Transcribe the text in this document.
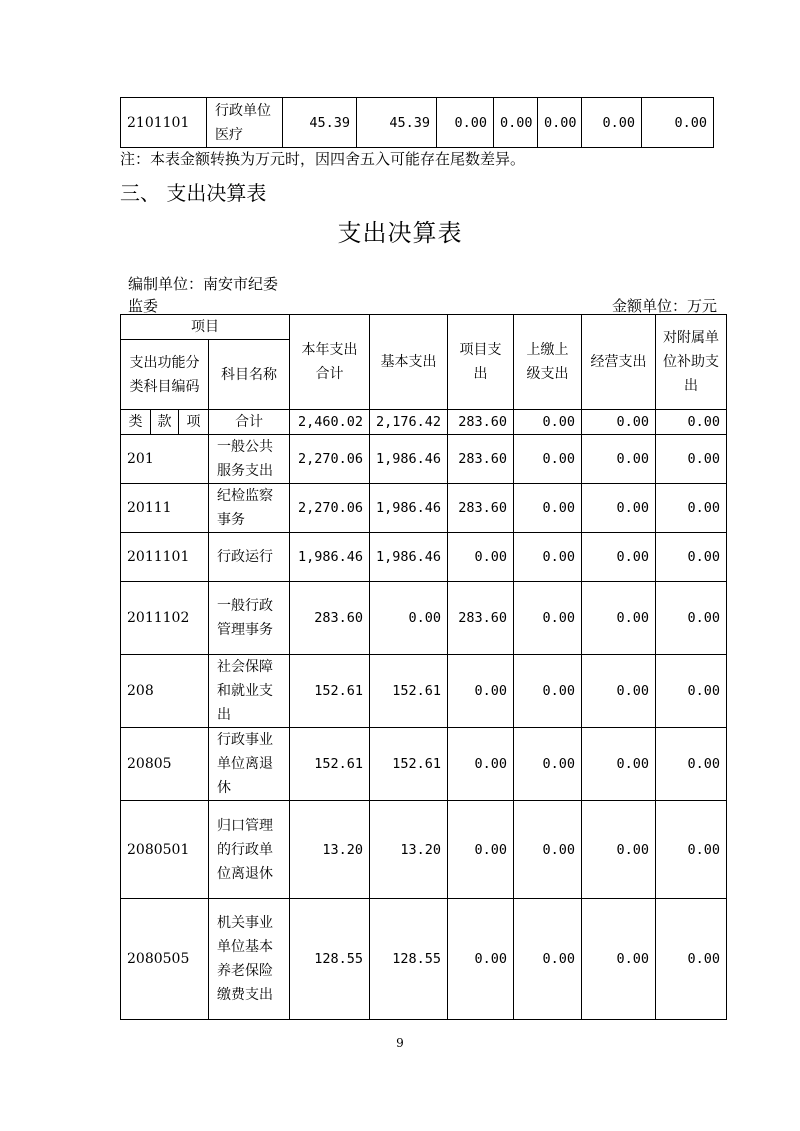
2101101	行政单位医疗	45.39	45.39	0.00	0.00	0.00	0.00	0.00
注：本表金额转换为万元时，因四舍五入可能存在尾数差异。
三、 支出决算表
支出决算表
编制单位：南安市纪委
监委	金额单位：万元
项目				本年支出合计	基本支出	项目支出	上缴上级支出	经营支出	对附属单位补助支出
支出功能分类科目编码			科目名称						
类	款	项	合计	2,460.02	2,176.42	283.60	0.00	0.00	0.00
201			一般公共服务支出	2,270.06	1,986.46	283.60	0.00	0.00	0.00
20111			纪检监察事务	2,270.06	1,986.46	283.60	0.00	0.00	0.00
2011101			行政运行	1,986.46	1,986.46	0.00	0.00	0.00	0.00
2011102			一般行政管理事务	283.60	0.00	283.60	0.00	0.00	0.00
208			社会保障和就业支出	152.61	152.61	0.00	0.00	0.00	0.00
20805			行政事业单位离退休	152.61	152.61	0.00	0.00	0.00	0.00
2080501			归口管理的行政单位离退休	13.20	13.20	0.00	0.00	0.00	0.00
2080505			机关事业单位基本养老保险缴费支出	128.55	128.55	0.00	0.00	0.00	0.00
9
